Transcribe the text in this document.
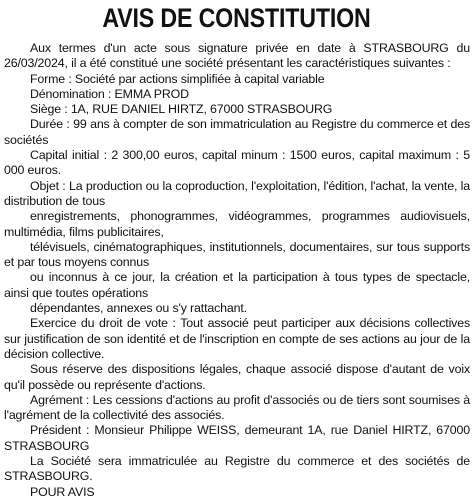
AVIS DE CONSTITUTION

Aux termes d'un acte sous signature privée en date à STRASBOURG du 26/03/2024, il a été constitué une société présentant les caractéristiques suivantes :

Forme : Société par actions simplifiée à capital variable

Dénomination : EMMA PROD

Siège : 1A, RUE DANIEL HIRTZ, 67000 STRASBOURG

Durée : 99 ans à compter de son immatriculation au Registre du commerce et des sociétés

Capital initial : 2 300,00 euros, capital minum : 1500 euros, capital maximum : 5 000 euros.

Objet : La production ou la coproduction, l'exploitation, l'édition, l'achat, la vente, la distribution de tous

enregistrements, phonogrammes, vidéogrammes, programmes audiovisuels, multimédia, films publicitaires,

télévisuels, cinématographiques, institutionnels, documentaires, sur tous supports et par tous moyens connus

ou inconnus à ce jour, la création et la participation à tous types de spectacle, ainsi que toutes opérations

dépendantes, annexes ou s'y rattachant.

Exercice du droit de vote : Tout associé peut participer aux décisions collectives sur justification de son identité et de l'inscription en compte de ses actions au jour de la décision collective.

Sous réserve des dispositions légales, chaque associé dispose d'autant de voix qu'il possède ou représente d'actions.

Agrément : Les cessions d'actions au profit d'associés ou de tiers sont soumises à l'agrément de la collectivité des associés.

Président : Monsieur Philippe WEISS, demeurant 1A, rue Daniel HIRTZ, 67000 STRASBOURG

La Société sera immatriculée au Registre du commerce et des sociétés de STRASBOURG.

POUR AVIS
